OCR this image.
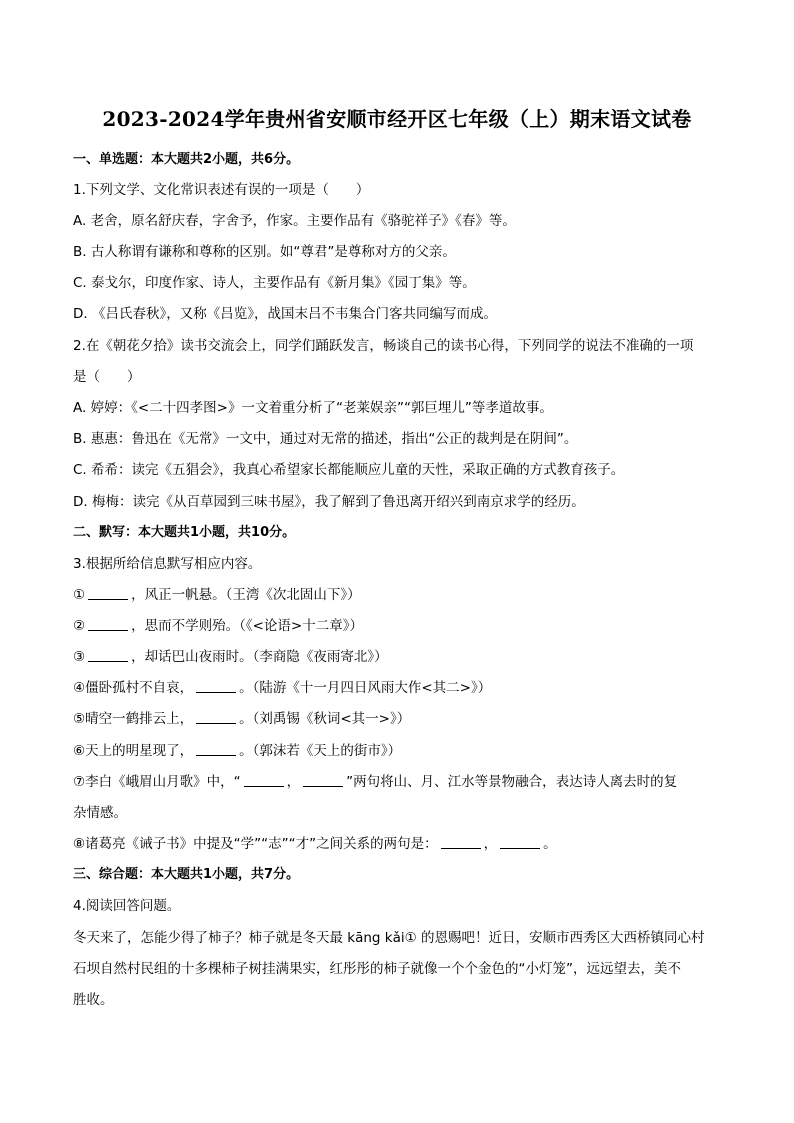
2023-2024学年贵州省安顺市经开区七年级（上）期末语文试卷
一、单选题：本大题共2小题，共6分。
1.下列文学、文化常识表述有误的一项是（　　）
A. 老舍，原名舒庆春，字舍予，作家。主要作品有《骆驼祥子》《春》等。
B. 古人称谓有谦称和尊称的区别。如“尊君”是尊称对方的父亲。
C. 泰戈尔，印度作家、诗人，主要作品有《新月集》《园丁集》等。
D. 《吕氏春秋》，又称《吕览》，战国末吕不韦集合门客共同编写而成。
2.在《朝花夕拾》读书交流会上，同学们踊跃发言，畅谈自己的读书心得，下列同学的说法不准确的一项
是（　　）
A. 婷婷：《<二十四孝图>》一文着重分析了“老莱娱亲”“郭巨埋儿”等孝道故事。
B. 惠惠：鲁迅在《无常》一文中，通过对无常的描述，指出“公正的裁判是在阴间”。
C. 希希：读完《五猖会》，我真心希望家长都能顺应儿童的天性，采取正确的方式教育孩子。
D. 梅梅：读完《从百草园到三味书屋》，我了解到了鲁迅离开绍兴到南京求学的经历。
二、默写：本大题共1小题，共10分。
3.根据所给信息默写相应内容。
①	，风正一帆悬。（王湾《次北固山下》）
②	，思而不学则殆。（《<论语>十二章》）
③	，却话巴山夜雨时。（李商隐《夜雨寄北》）
④僵卧孤村不自哀，	。（陆游《十一月四日风雨大作<其二>》）
⑤晴空一鹤排云上，	。（刘禹锡《秋词<其一>》）
⑥天上的明星现了，	。（郭沫若《天上的街市》）
⑦李白《峨眉山月歌》中，“	，	”两句将山、月、江水等景物融合，表达诗人离去时的复
杂情感。
⑧诸葛亮《诫子书》中提及“学”“志”“才”之间关系的两句是：	，	。
三、综合题：本大题共1小题，共7分。
4.阅读回答问题。
冬天来了，怎能少得了柿子？柿子就是冬天最 kāng kǎi① 的恩赐吧！近日，安顺市西秀区大西桥镇同心村
石坝自然村民组的十多棵柿子树挂满果实，红彤彤的柿子就像一个个金色的“小灯笼”，远远望去，美不
胜收。
